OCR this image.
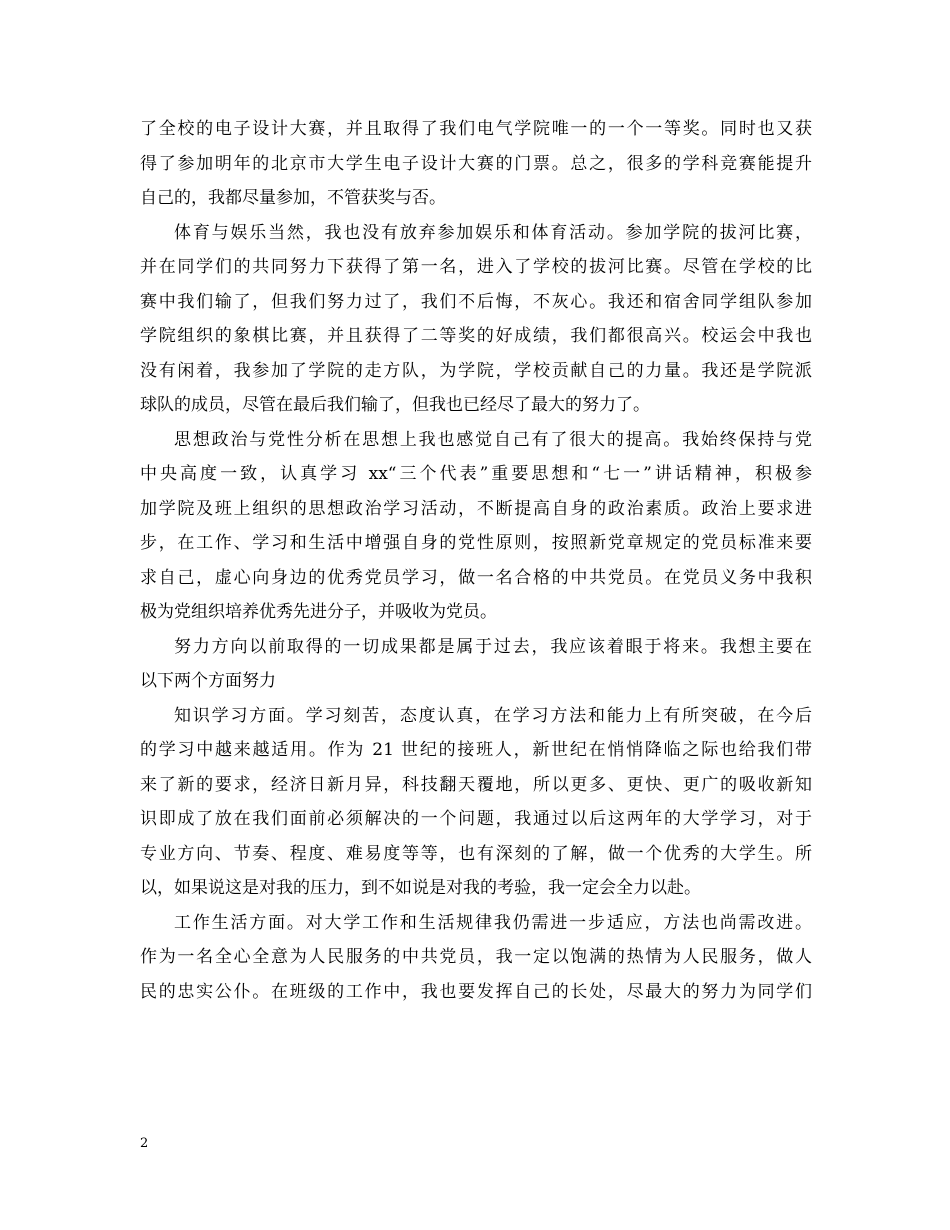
了全校的电子设计大赛，并且取得了我们电气学院唯一的一个一等奖。同时也又获
得了参加明年的北京市大学生电子设计大赛的门票。总之，很多的学科竞赛能提升
自己的，我都尽量参加，不管获奖与否。
体育与娱乐当然，我也没有放弃参加娱乐和体育活动。参加学院的拔河比赛，
并在同学们的共同努力下获得了第一名，进入了学校的拔河比赛。尽管在学校的比
赛中我们输了，但我们努力过了，我们不后悔，不灰心。我还和宿舍同学组队参加
学院组织的象棋比赛，并且获得了二等奖的好成绩，我们都很高兴。校运会中我也
没有闲着，我参加了学院的走方队，为学院，学校贡献自己的力量。我还是学院派
球队的成员，尽管在最后我们输了，但我也已经尽了最大的努力了。
思想政治与党性分析在思想上我也感觉自己有了很大的提高。我始终保持与党
中央高度一致，认真学习 xx“三个代表”重要思想和“七一”讲话精神，积极参
加学院及班上组织的思想政治学习活动，不断提高自身的政治素质。政治上要求进
步，在工作、学习和生活中增强自身的党性原则，按照新党章规定的党员标准来要
求自己，虚心向身边的优秀党员学习，做一名合格的中共党员。在党员义务中我积
极为党组织培养优秀先进分子，并吸收为党员。
努力方向以前取得的一切成果都是属于过去，我应该着眼于将来。我想主要在
以下两个方面努力
知识学习方面。学习刻苦，态度认真，在学习方法和能力上有所突破，在今后
的学习中越来越适用。作为 21 世纪的接班人，新世纪在悄悄降临之际也给我们带
来了新的要求，经济日新月异，科技翻天覆地，所以更多、更快、更广的吸收新知
识即成了放在我们面前必须解决的一个问题，我通过以后这两年的大学学习，对于
专业方向、节奏、程度、难易度等等，也有深刻的了解，做一个优秀的大学生。所
以，如果说这是对我的压力，到不如说是对我的考验，我一定会全力以赴。
工作生活方面。对大学工作和生活规律我仍需进一步适应，方法也尚需改进。
作为一名全心全意为人民服务的中共党员，我一定以饱满的热情为人民服务，做人
民的忠实公仆。在班级的工作中，我也要发挥自己的长处，尽最大的努力为同学们
2
